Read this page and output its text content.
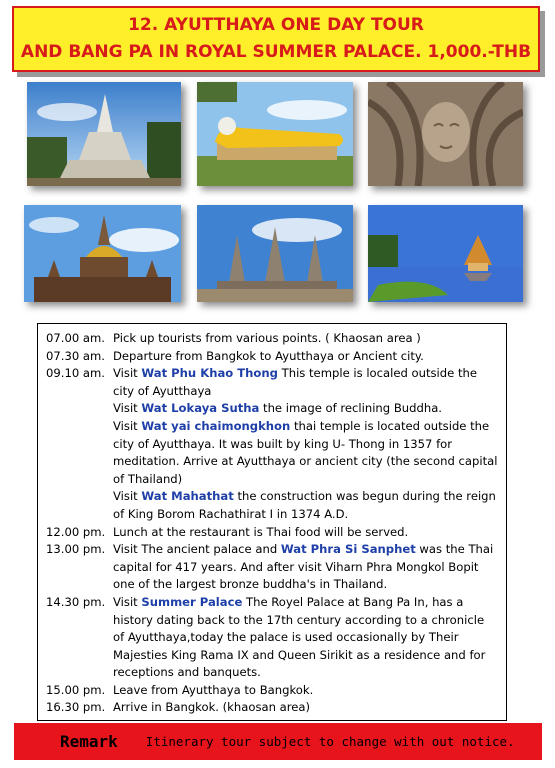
12. AYUTTHAYA ONE DAY TOUR
AND BANG PA IN ROYAL SUMMER PALACE. 1,000.-THB
07.00 am. Pick up tourists from various points. ( Khaosan area )
07.30 am. Departure from Bangkok to Ayutthaya or Ancient city.
09.10 am. Visit Wat Phu Khao Thong This temple is localed outside the city of Ayutthaya

Visit Wat Lokaya Sutha the image of reclining Buddha.

Visit Wat yai chaimongkhon thai temple is located outside the city of Ayutthaya. It was built by king U- Thong in 1357 for meditation. Arrive at Ayutthaya or ancient city (the second capital of Thailand)

Visit Wat Mahathat the construction was begun during the reign of King Borom Rachathirat I in 1374 A.D.

12.00 pm. Lunch at the restaurant is Thai food will be served.
13.00 pm. Visit The ancient palace and Wat Phra Si Sanphet was the Thai capital for 417 years. And after visit Viharn Phra Mongkol Bopit one of the largest bronze buddha's in Thailand.

14.30 pm. Visit Summer Palace The Royel Palace at Bang Pa In, has a history dating back to the 17th century according to a chronicle of Ayutthaya,today the palace is used occasionally by Their Majesties King Rama IX and Queen Sirikit as a residence and for receptions and banquets.

15.00 pm. Leave from Ayutthaya to Bangkok.
16.30 pm. Arrive in Bangkok. (khaosan area)
Remark Itinerary tour subject to change with out notice.
